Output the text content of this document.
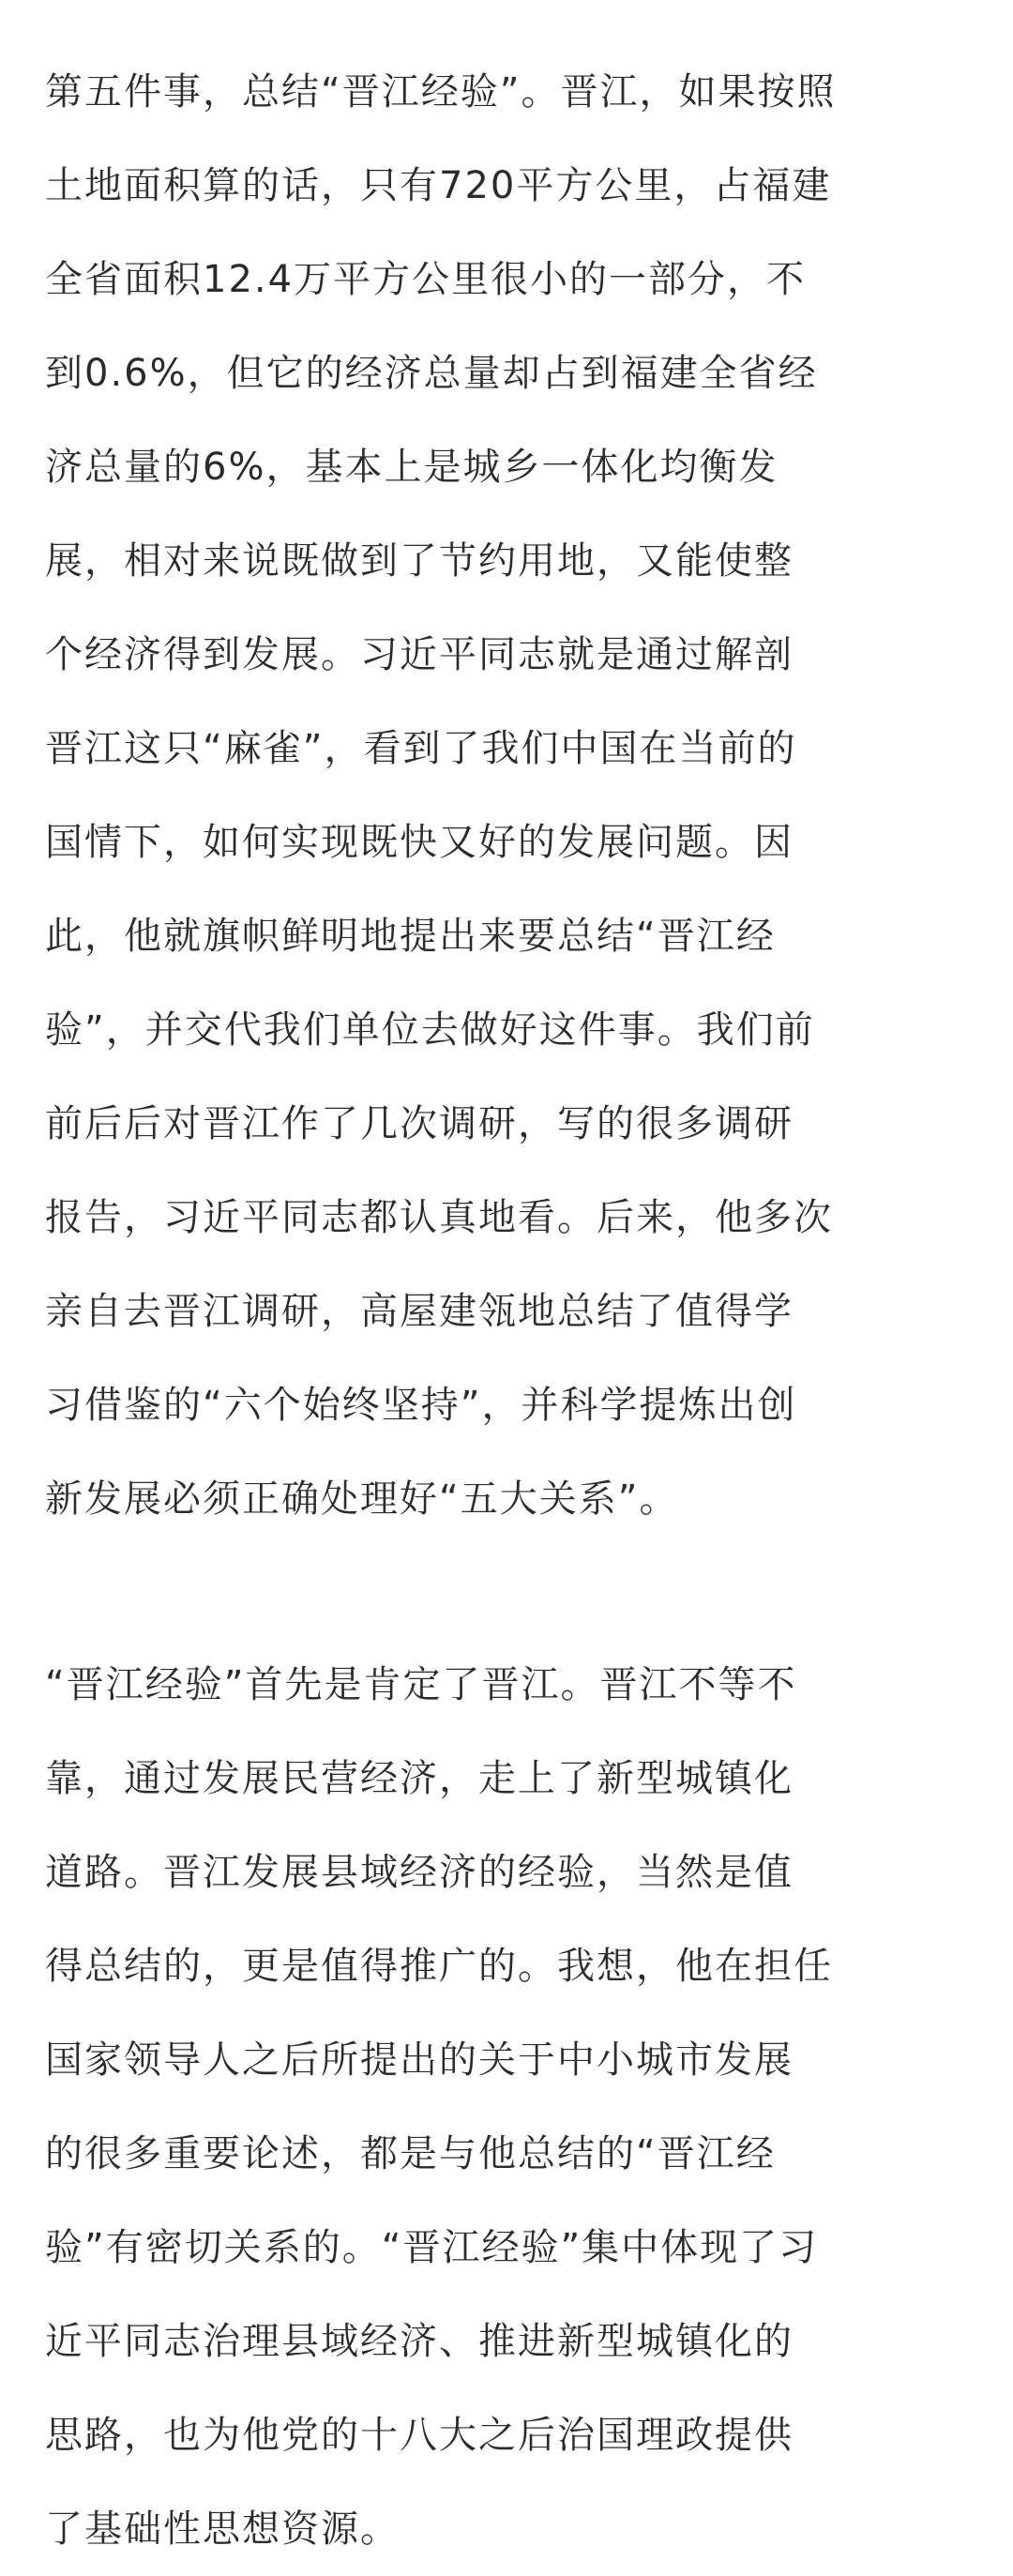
第五件事，总结“晋江经验”。晋江，如果按照
土地面积算的话，只有720平方公里，占福建
全省面积12.4万平方公里很小的一部分，不
到0.6%，但它的经济总量却占到福建全省经
济总量的6%，基本上是城乡一体化均衡发
展，相对来说既做到了节约用地，又能使整
个经济得到发展。习近平同志就是通过解剖
晋江这只“麻雀”，看到了我们中国在当前的
国情下，如何实现既快又好的发展问题。因
此，他就旗帜鲜明地提出来要总结“晋江经
验”，并交代我们单位去做好这件事。我们前
前后后对晋江作了几次调研，写的很多调研
报告，习近平同志都认真地看。后来，他多次
亲自去晋江调研，高屋建瓴地总结了值得学
习借鉴的“六个始终坚持”，并科学提炼出创
新发展必须正确处理好“五大关系”。

“晋江经验”首先是肯定了晋江。晋江不等不
靠，通过发展民营经济，走上了新型城镇化
道路。晋江发展县域经济的经验，当然是值
得总结的，更是值得推广的。我想，他在担任
国家领导人之后所提出的关于中小城市发展
的很多重要论述，都是与他总结的“晋江经
验”有密切关系的。“晋江经验”集中体现了习
近平同志治理县域经济、推进新型城镇化的
思路，也为他党的十八大之后治国理政提供
了基础性思想资源。
